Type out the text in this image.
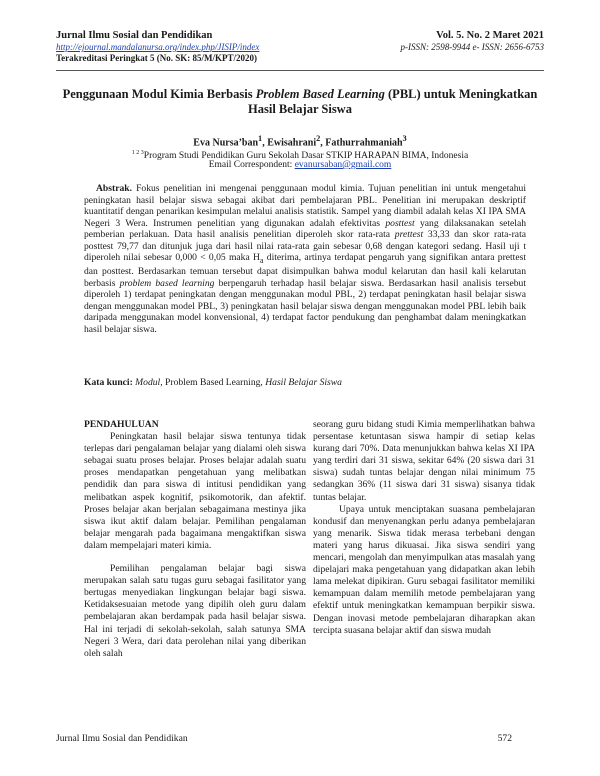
Jurnal Ilmu Sosial dan Pendidikan
http://ejournal.mandalanursa.org/index.php/JISIP/index
Terakreditasi Peringkat 5 (No. SK: 85/M/KPT/2020)
Vol. 5. No. 2 Maret 2021
p-ISSN: 2598-9944 e- ISSN: 2656-6753
Penggunaan Modul Kimia Berbasis Problem Based Learning (PBL) untuk Meningkatkan Hasil Belajar Siswa
Eva Nursa’ban$^1$, Ewisahrani$^2$, Fathurrahmaniah$^3$
$^{1 2 3}$Program Studi Pendidikan Guru Sekolah Dasar STKIP HARAPAN BIMA, Indonesia
Email Correspondent: evanursaban@gmail.com
Abstrak. Fokus penelitian ini mengenai penggunaan modul kimia. Tujuan penelitian ini untuk mengetahui peningkatan hasil belajar siswa sebagai akibat dari pembelajaran PBL. Penelitian ini merupakan deskriptif kuantitatif dengan penarikan kesimpulan melalui analisis statistik. Sampel yang diambil adalah kelas XI IPA SMA Negeri 3 Wera. Instrumen penelitian yang digunakan adalah efektivitas posttest yang dilaksanakan setelah pemberian perlakuan. Data hasil analisis penelitian diperoleh skor rata-rata prettest 33,33 dan skor rata-rata posttest 79,77 dan ditunjuk juga dari hasil nilai rata-rata gain sebesar 0,68 dengan kategori sedang. Hasil uji t diperoleh nilai sebesar 0,000 < 0,05 maka $H_a$ diterima, artinya terdapat pengaruh yang signifikan antara prettest dan posttest. Berdasarkan temuan tersebut dapat disimpulkan bahwa modul kelarutan dan hasil kali kelarutan berbasis problem based learning berpengaruh terhadap hasil belajar siswa. Berdasarkan hasil analisis tersebut diperoleh 1) terdapat peningkatan dengan menggunakan modul PBL, 2) terdapat peningkatan hasil belajar siswa dengan menggunakan model PBL, 3) peningkatan hasil belajar siswa dengan menggunakan model PBL lebih baik daripada menggunakan model konvensional, 4) terdapat factor pendukung dan penghambat dalam meningkatkan hasil belajar siswa.
Kata kunci: Modul, Problem Based Learning, Hasil Belajar Siswa

PENDAHULUAN

Peningkatan hasil belajar siswa tentunya tidak terlepas dari pengalaman belajar yang dialami oleh siswa sebagai suatu proses belajar. Proses belajar adalah suatu proses mendapatkan pengetahuan yang melibatkan pendidik dan para siswa di intitusi pendidikan yang melibatkan aspek kognitif, psikomotorik, dan afektif. Proses belajar akan berjalan sebagaimana mestinya jika siswa ikut aktif dalam belajar. Pemilihan pengalaman belajar mengarah pada bagaimana mengaktifkan siswa dalam mempelajari materi kimia.

Pemilihan pengalaman belajar bagi siswa merupakan salah satu tugas guru sebagai fasilitator yang bertugas menyediakan lingkungan belajar bagi siswa. Ketidaksesuaian metode yang dipilih oleh guru dalam pembelajaran akan berdampak pada hasil belajar siswa. Hal ini terjadi di sekolah-sekolah, salah satunya SMA Negeri 3 Wera, dari data perolehan nilai yang diberikan oleh salah

seorang guru bidang studi Kimia memperlihatkan bahwa persentase ketuntasan siswa hampir di setiap kelas kurang dari 70%. Data menunjukkan bahwa kelas XI IPA yang terdiri dari 31 siswa, sekitar 64% (20 siswa dari 31 siswa) sudah tuntas belajar dengan nilai minimum 75 sedangkan 36% (11 siswa dari 31 siswa) sisanya tidak tuntas belajar.

Upaya untuk menciptakan suasana pembelajaran kondusif dan menyenangkan perlu adanya pembelajaran yang menarik. Siswa tidak merasa terbebani dengan materi yang harus dikuasai. Jika siswa sendiri yang mencari, mengolah dan menyimpulkan atas masalah yang dipelajari maka pengetahuan yang didapatkan akan lebih lama melekat dipikiran. Guru sebagai fasilitator memiliki kemampuan dalam memilih metode pembelajaran yang efektif untuk meningkatkan kemampuan berpikir siswa. Dengan inovasi metode pembelajaran diharapkan akan tercipta suasana belajar aktif dan siswa mudah

Jurnal Ilmu Sosial dan Pendidikan	572
